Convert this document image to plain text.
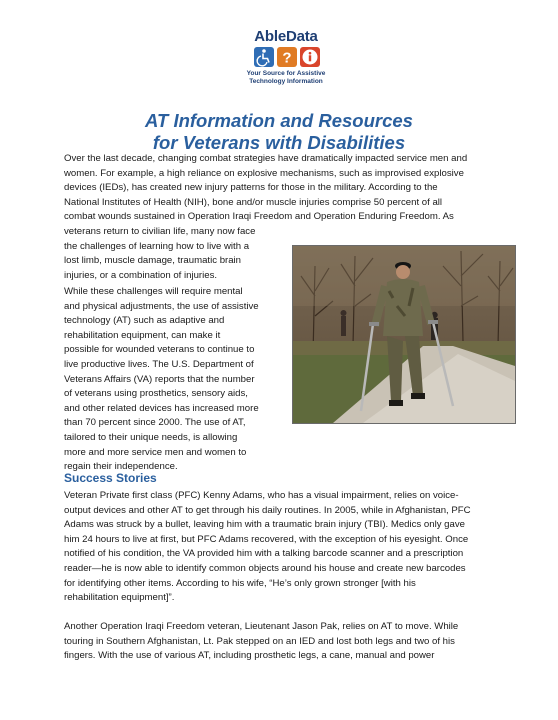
AbleData
?
Your Source for Assistive
Technology Information
AT Information and Resources
for Veterans with Disabilities
Over the last decade, changing combat strategies have dramatically impacted service men and
women. For example, a high reliance on explosive mechanisms, such as improvised explosive
devices (IEDs), has created new injury patterns for those in the military. According to the
National Institutes of Health (NIH), bone and/or muscle injuries comprise 50 percent of all
combat wounds sustained in Operation Iraqi Freedom and Operation Enduring Freedom. As
veterans return to civilian life, many now face
the challenges of learning how to live with a
lost limb, muscle damage, traumatic brain
injuries, or a combination of injuries.
While these challenges will require mental
and physical adjustments, the use of assistive
technology (AT) such as adaptive and
rehabilitation equipment, can make it
possible for wounded veterans to continue to
live productive lives. The U.S. Department of
Veterans Affairs (VA) reports that the number
of veterans using prosthetics, sensory aids,
and other related devices has increased more
than 70 percent since 2000. The use of AT,
tailored to their unique needs, is allowing
more and more service men and women to
regain their independence.
Success Stories
Veteran Private first class (PFC) Kenny Adams, who has a visual impairment, relies on voice-
output devices and other AT to get through his daily routines. In 2005, while in Afghanistan, PFC
Adams was struck by a bullet, leaving him with a traumatic brain injury (TBI). Medics only gave
him 24 hours to live at first, but PFC Adams recovered, with the exception of his eyesight. Once
notified of his condition, the VA provided him with a talking barcode scanner and a prescription
reader—he is now able to identify common objects around his house and create new barcodes
for identifying other items. According to his wife, “He’s only grown stronger [with his
rehabilitation equipment]”.
Another Operation Iraqi Freedom veteran, Lieutenant Jason Pak, relies on AT to move. While
touring in Southern Afghanistan, Lt. Pak stepped on an IED and lost both legs and two of his
fingers. With the use of various AT, including prosthetic legs, a cane, manual and power
